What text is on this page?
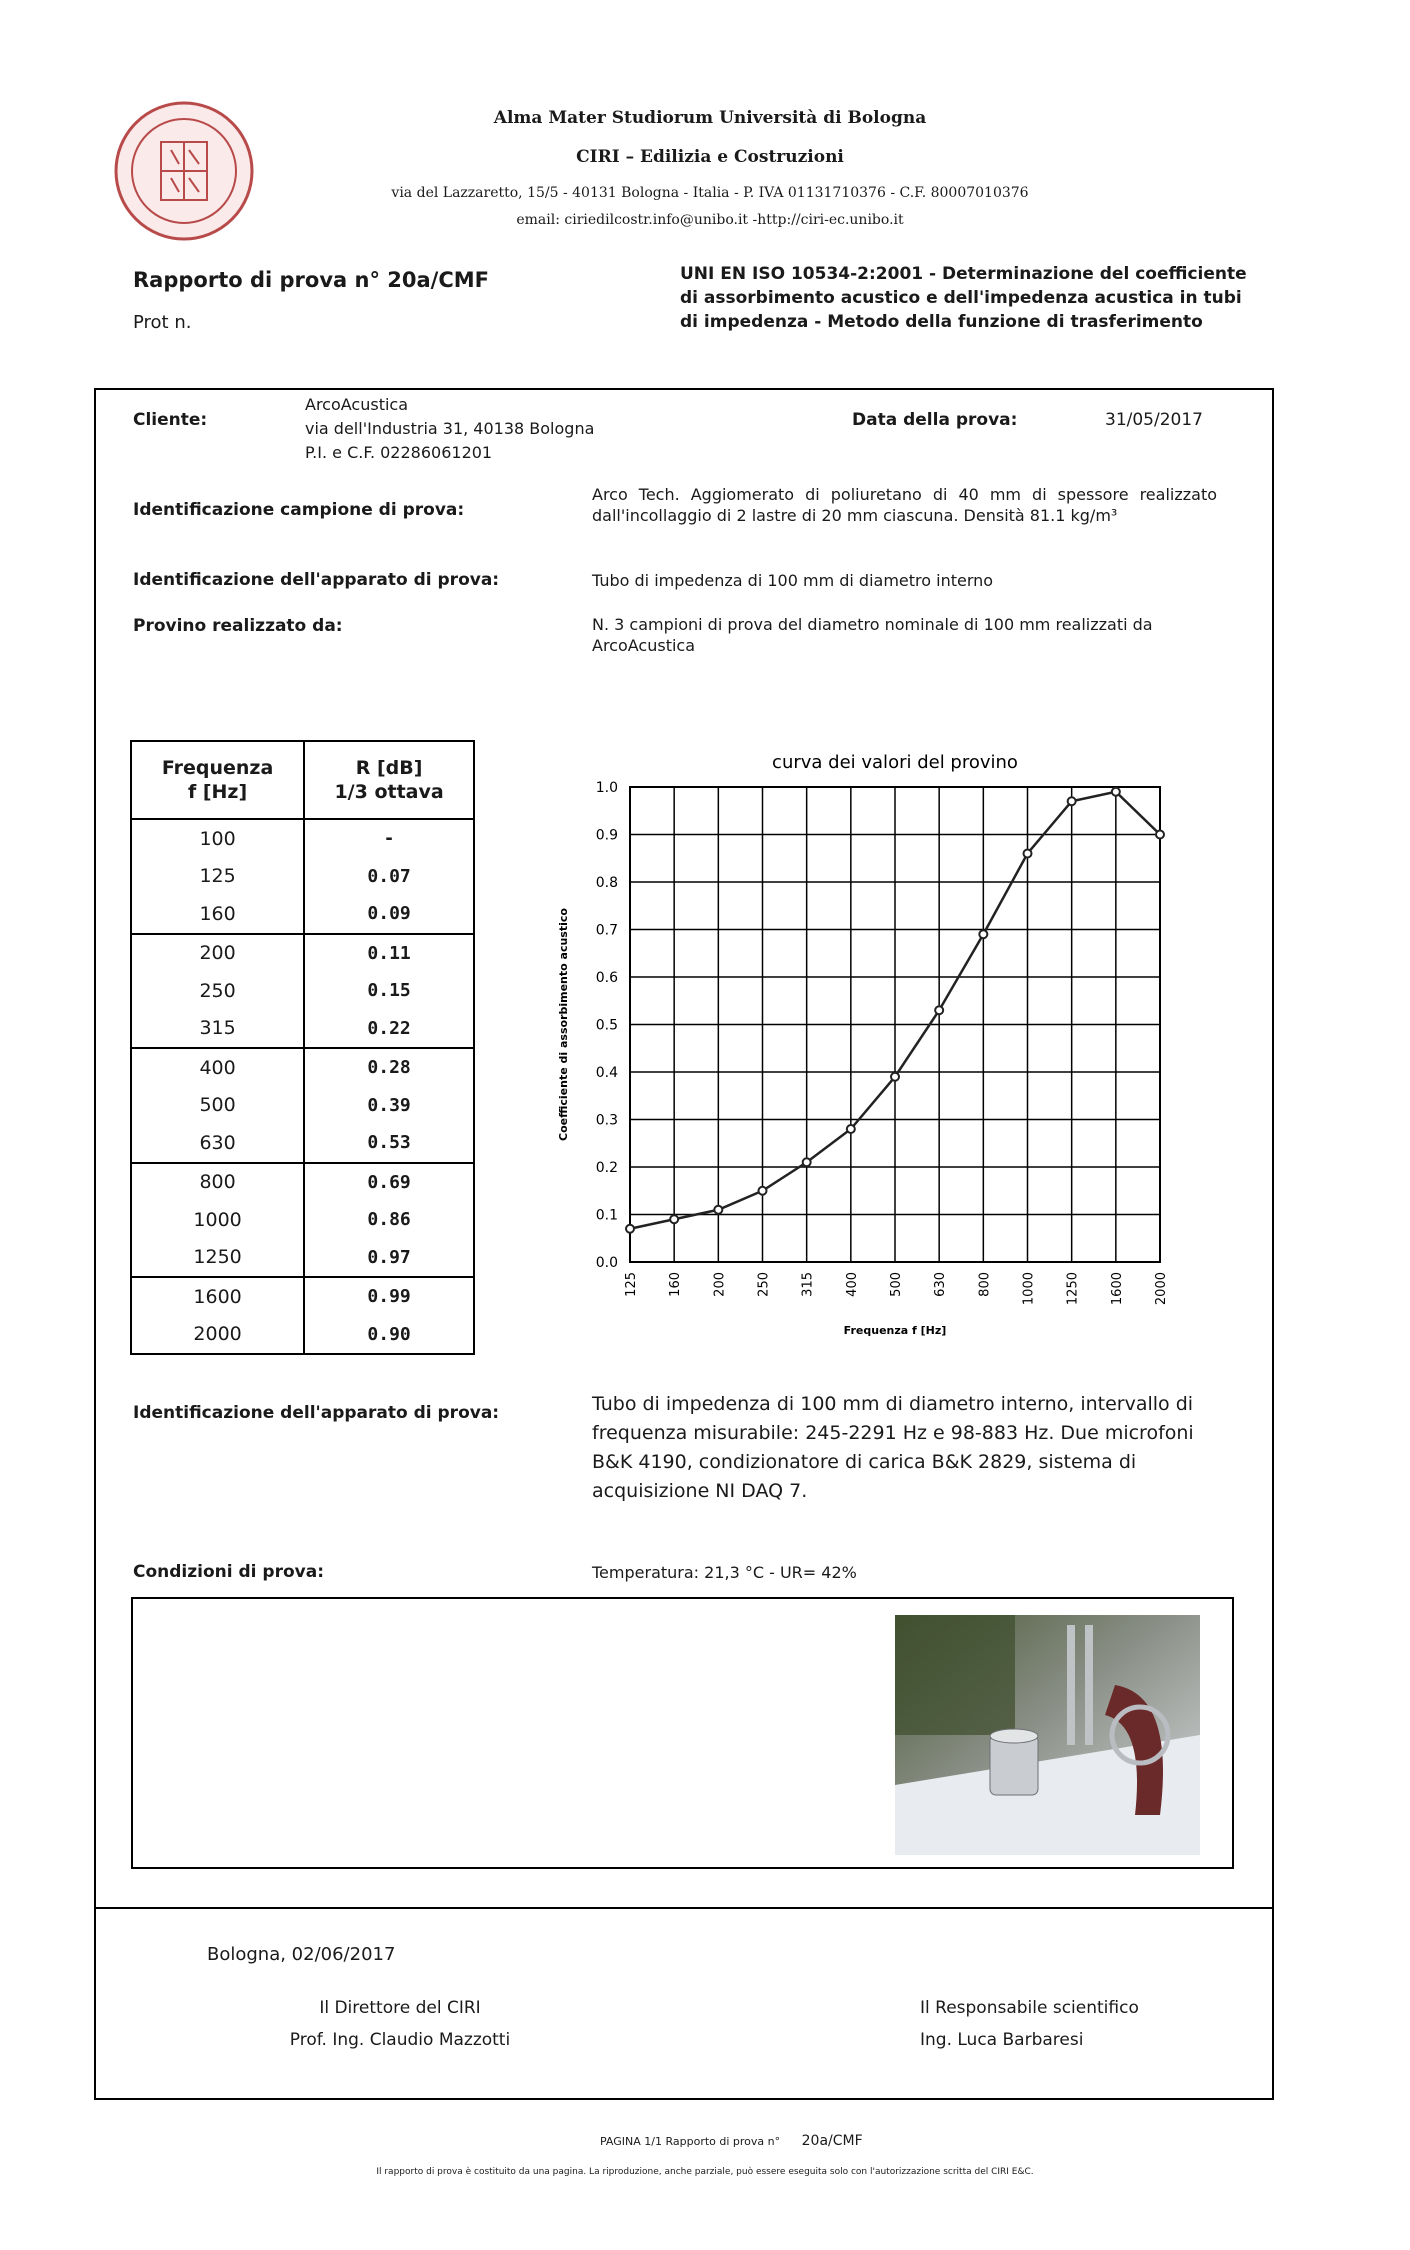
Alma Mater Studiorum Università di Bologna
CIRI – Edilizia e Costruzioni
via del Lazzaretto, 15/5 - 40131 Bologna - Italia - P. IVA 01131710376 - C.F. 80007010376
email: ciriedilcostr.info@unibo.it -http://ciri-ec.unibo.it
Rapporto di prova n° 20a/CMF
Prot n.
UNI EN ISO 10534-2:2001 - Determinazione del coefficiente di assorbimento acustico e dell'impedenza acustica in tubi di impedenza - Metodo della funzione di trasferimento
Cliente:
ArcoAcustica
via dell'Industria 31, 40138 Bologna
P.I. e C.F. 02286061201
Data della prova:	31/05/2017
Identificazione campione di prova:
Arco Tech. Aggiomerato di poliuretano di 40 mm di spessore realizzato dall'incollaggio di 2 lastre di 20 mm ciascuna. Densità 81.1 kg/m³
Identificazione dell'apparato di prova:	Tubo di impedenza di 100 mm di diametro interno
Provino realizzato da:	N. 3 campioni di prova del diametro nominale di 100 mm realizzati da ArcoAcustica
Frequenza
f [Hz]	R [dB]
1/3 ottava
100	-
125	0.07
160	0.09
200	0.11
250	0.15
315	0.22
400	0.28
500	0.39
630	0.53
800	0.69
1000	0.86
1250	0.97
1600	0.99
2000	0.90
curva dei valori del provino
0.0
0.1
0.2
0.3
0.4
0.5
0.6
0.7
0.8
0.9
1.0
125 160 200 250 315 400 500 630 800 1000 1250 1600 2000
Frequenza f [Hz]
Coefficiente di assorbimento acustico
Identificazione dell'apparato di prova:	Tubo di impedenza di 100 mm di diametro interno, intervallo di frequenza misurabile: 245-2291 Hz e 98-883 Hz. Due microfoni B&K 4190, condizionatore di carica B&K 2829, sistema di acquisizione NI DAQ 7.
Condizioni di prova:	Temperatura: 21,3 °C - UR= 42%
Bologna, 02/06/2017
Il Direttore del CIRI
Prof. Ing. Claudio Mazzotti
Il Responsabile scientifico
Ing. Luca Barbaresi
PAGINA 1/1 Rapporto di prova n° 20a/CMF
Il rapporto di prova è costituito da una pagina. La riproduzione, anche parziale, può essere eseguita solo con l'autorizzazione scritta del CIRI E&C.
